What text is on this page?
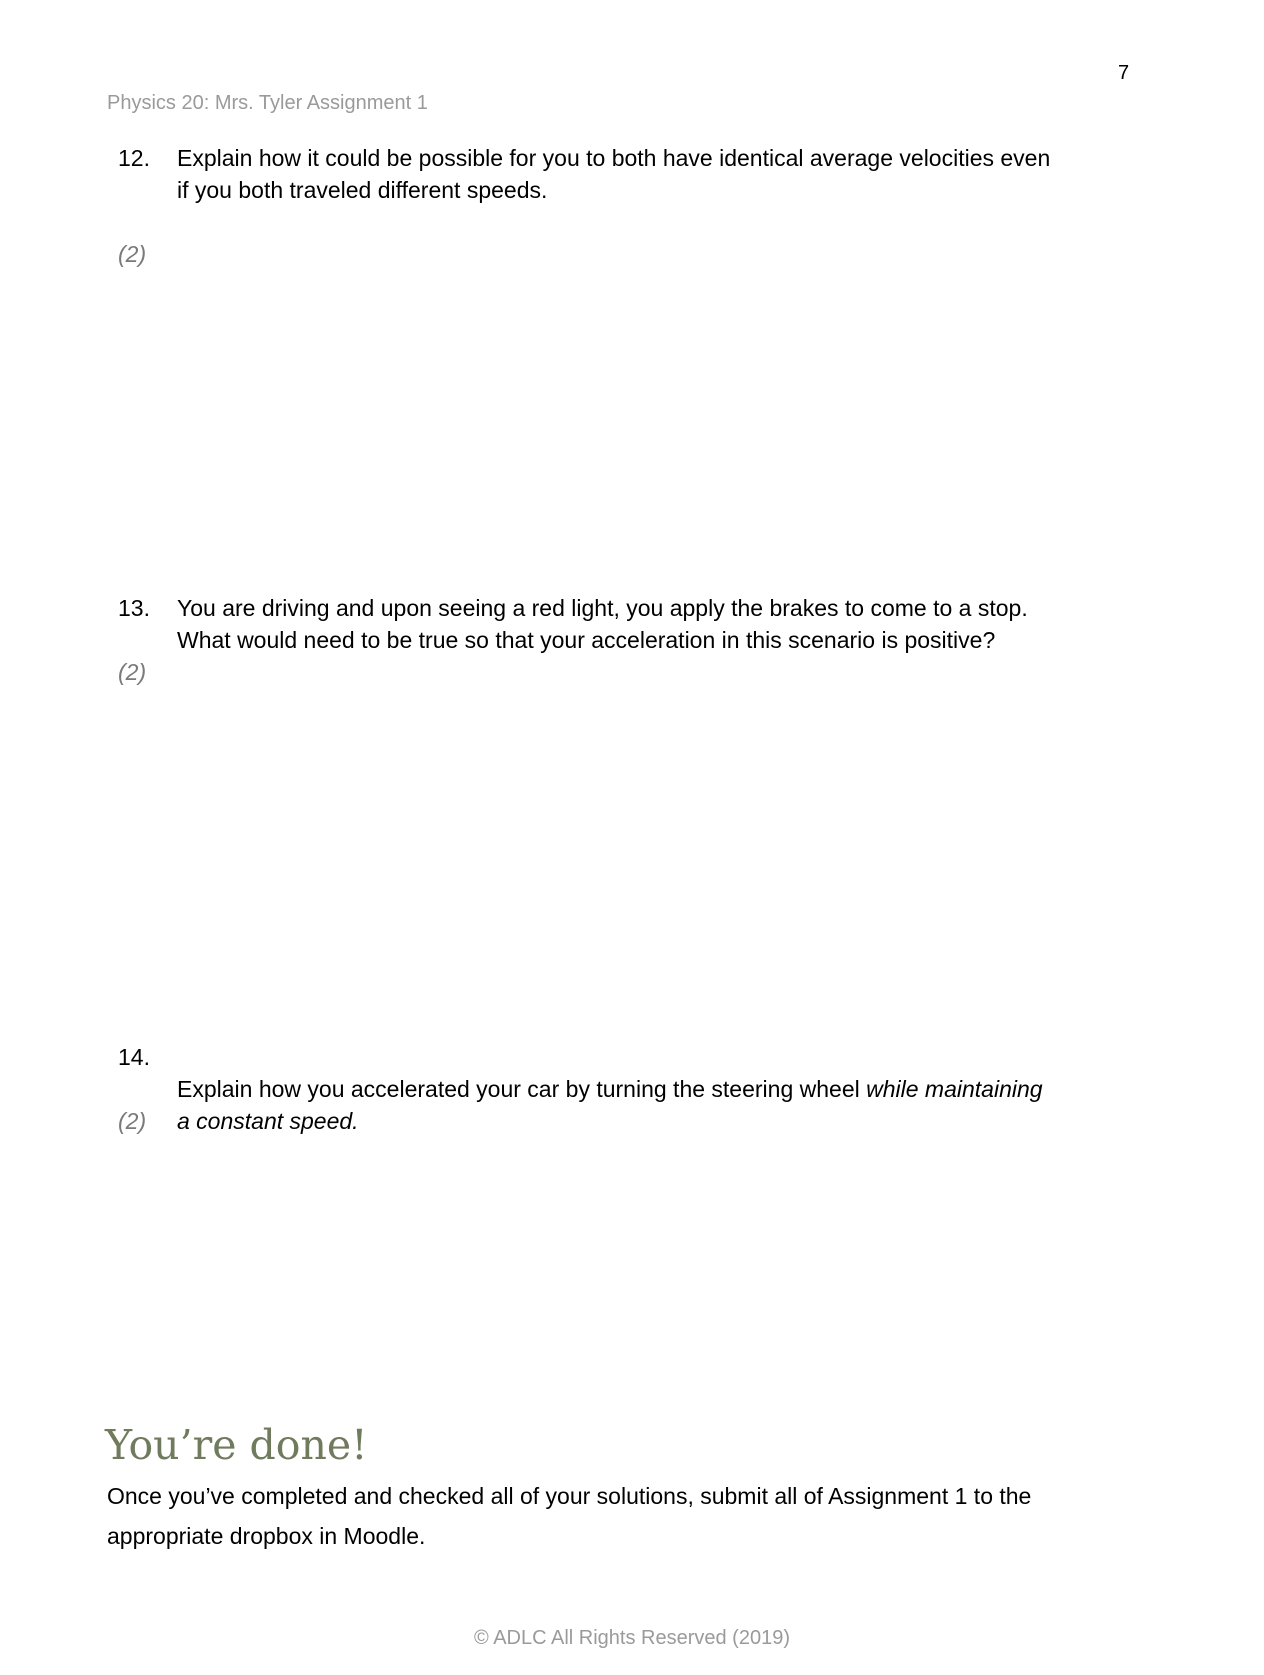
7
Physics 20: Mrs. Tyler Assignment 1
12. Explain how it could be possible for you to both have identical average velocities even if you both traveled different speeds.
(2)
13. You are driving and upon seeing a red light, you apply the brakes to come to a stop. What would need to be true so that your acceleration in this scenario is positive?
(2)
14.
Explain how you accelerated your car by turning the steering wheel while maintaining a constant speed.
(2)
You’re done!
Once you’ve completed and checked all of your solutions, submit all of Assignment 1 to the appropriate dropbox in Moodle.
© ADLC All Rights Reserved (2019)
